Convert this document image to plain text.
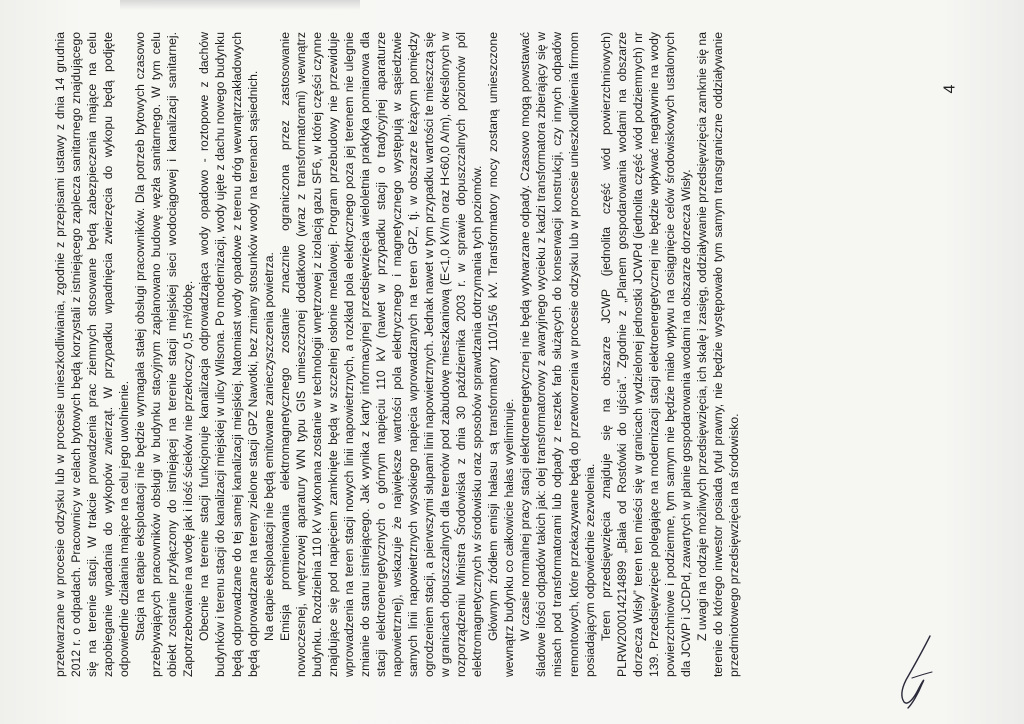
przetwarzane w procesie odzysku lub w procesie unieszkodliwiania, zgodnie z przepisami ustawy z dnia 14 grudnia 2012 r. o odpadach. Pracownicy w celach bytowych będą korzystali z istniejącego zaplecza sanitarnego znajdującego się na terenie stacji. W trakcie prowadzenia prac ziemnych stosowane będą zabezpieczenia mające na celu zapobieganie wpadania do wykopów zwierząt. W przypadku wpadnięcia zwierzęcia do wykopu będą podjęte odpowiednie działania mające na celu jego uwolnienie. Stacja na etapie eksploatacji nie będzie wymagała stałej obsługi pracowników. Dla potrzeb bytowych czasowo przebywających pracowników obsługi w budynku stacyjnym zaplanowano budowę węzła sanitarnego. W tym celu obiekt zostanie przyłączony do istniejącej na terenie stacji miejskiej sieci wodociągowej i kanalizacji sanitarnej. Zapotrzebowanie na wodę jak i ilość ścieków nie przekroczy 0,5 m³/dobę. Obecnie na terenie stacji funkcjonuje kanalizacja odprowadzająca wody opadowo - roztopowe z dachów budynków i terenu stacji do kanalizacji miejskiej w ulicy Wilsona. Po modernizacji, wody ujęte z dachu nowego budynku będą odprowadzane do tej samej kanalizacji miejskiej. Natomiast wody opadowe z terenu dróg wewnątrzzakładowych będą odprowadzane na tereny zielone stacji GPZ Nawotki, bez zmiany stosunków wody na terenach sąsiednich. Na etapie eksploatacji nie będą emitowane zanieczyszczenia powietrza. Emisja promieniowania elektromagnetycznego zostanie znacznie ograniczona przez zastosowanie nowoczesnej, wnętrzowej aparatury WN typu GIS umieszczonej dodatkowo (wraz z transformatorami) wewnątrz budynku. Rozdzielnia 110 kV wykonana zostanie w technologii wnętrzowej z izolacją gazu SF6, w której części czynne znajdujące się pod napięciem zamknięte będą w szczelnej osłonie metalowej. Program przebudowy nie przewiduje wprowadzenia na teren stacji nowych linii napowietrznych, a rozkład pola elektrycznego poza jej terenem nie ulegnie zmianie do stanu istniejącego. Jak wynika z karty informacyjnej przedsięwzięcia wieloletnia praktyka pomiarowa dla stacji elektroenergetycznych o górnym napięciu 110 kV (nawet w przypadku stacji o tradycyjnej aparaturze napowietrznej), wskazuje że największe wartości pola elektrycznego i magnetycznego występują w sąsiedztwie samych linii napowietrznych wysokiego napięcia wprowadzanych na teren GPZ, tj. w obszarze leżącym pomiędzy ogrodzeniem stacji, a pierwszymi słupami linii napowietrznych. Jednak nawet w tym przypadku wartości te mieszczą się w granicach dopuszczalnych dla terenów pod zabudowę mieszkaniową (E<1,0 kV/m oraz H<60,0 A/m), określonych w rozporządzeniu Ministra Środowiska z dnia 30 października 2003 r. w sprawie dopuszczalnych poziomów pól elektromagnetycznych w środowisku oraz sposobów sprawdzania dotrzymania tych poziomów. Głównym źródłem emisji hałasu są transformatory 110/15/6 kV. Transformatory mocy zostaną umieszczone wewnątrz budynku co całkowicie hałas wyeliminuje. W czasie normalnej pracy stacji elektroenergetycznej nie będą wytwarzane odpady. Czasowo mogą powstawać śladowe ilości odpadów takich jak: olej transformatorowy z awaryjnego wycieku z kadzi transformatora zbierający się w misach pod transformatorami lub odpady z resztek farb służących do konserwacji konstrukcji, czy innych odpadów remontowych, które przekazywane będą do przetworzenia w procesie odzysku lub w procesie unieszkodliwienia firmom posiadającym odpowiednie zezwolenia. Teren przedsięwzięcia znajduje się na obszarze JCWP (jednolita część wód powierzchniowych) PLRW200014214899 „Biała od Rostówki do ujścia”. Zgodnie z „Planem gospodarowania wodami na obszarze dorzecza Wisły” teren ten mieści się w granicach wydzielonej jednostki JCWPd (jednolita część wód podziemnych) nr 139. Przedsięwzięcie polegające na modernizacji stacji elektroenergetycznej nie będzie wpływać negatywnie na wody powierzchniowe i podziemne, tym samym nie będzie miało wpływu na osiągnięcie celów środowiskowych ustalonych dla JCWP i JCDPd, zawartych w planie gospodarowania wodami na obszarze dorzecza Wisły. Z uwagi na rodzaje możliwych przedsięwzięcia, ich skalę i zasięg, oddziaływanie przedsięwzięcia zamknie się na terenie do którego inwestor posiada tytuł prawny, nie będzie występowało tym samym transgraniczne oddziaływanie przedmiotowego przedsięwzięcia na środowisko.

4
